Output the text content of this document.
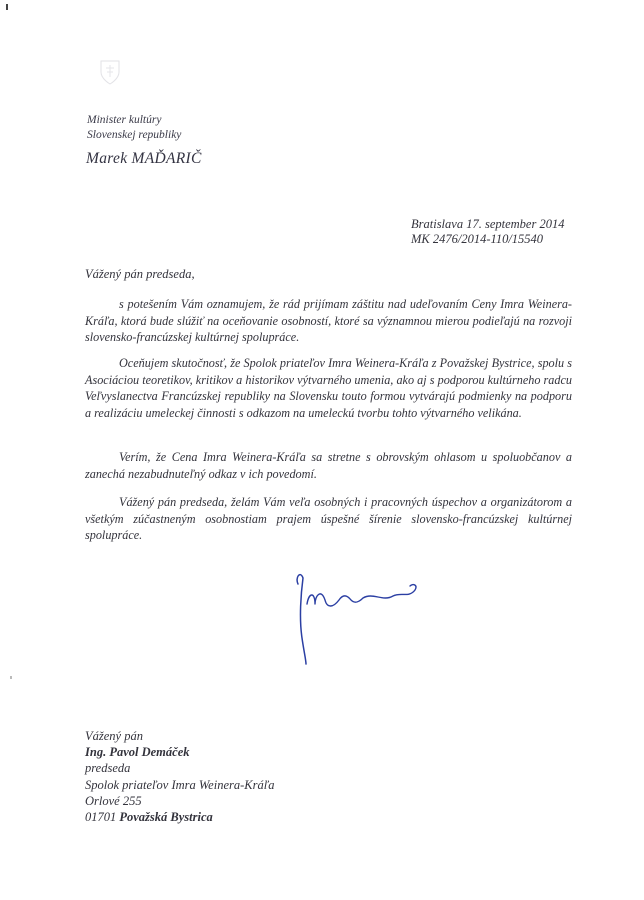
Minister kultúry
Slovenskej republiky
Marek MAĎARIČ
Bratislava 17. september 2014
MK 2476/2014-110/15540
Vážený pán predseda,
s potešením Vám oznamujem, že rád prijímam záštitu nad udeľovaním Ceny Imra Weinera-Kráľa, ktorá bude slúžiť na oceňovanie osobností, ktoré sa významnou mierou podieľajú na rozvoji slovensko-francúzskej kultúrnej spolupráce.
Oceňujem skutočnosť, že Spolok priateľov Imra Weinera-Kráľa z Považskej Bystrice, spolu s Asociáciou teoretikov, kritikov a historikov výtvarného umenia, ako aj s podporou kultúrneho radcu Veľvyslanectva Francúzskej republiky na Slovensku touto formou vytvárajú podmienky na podporu a realizáciu umeleckej činnosti s odkazom na umeleckú tvorbu tohto výtvarného velikána.
Verím, že Cena Imra Weinera-Kráľa sa stretne s obrovským ohlasom u spoluobčanov a zanechá nezabudnuteľný odkaz v ich povedomí.
Vážený pán predseda, želám Vám veľa osobných i pracovných úspechov a organizátorom a všetkým zúčastneným osobnostiam prajem úspešné šírenie slovensko-francúzskej kultúrnej spolupráce.
Vážený pán
Ing. Pavol Demáček
predseda
Spolok priateľov Imra Weinera-Kráľa
Orlové 255
01701 Považská Bystrica
